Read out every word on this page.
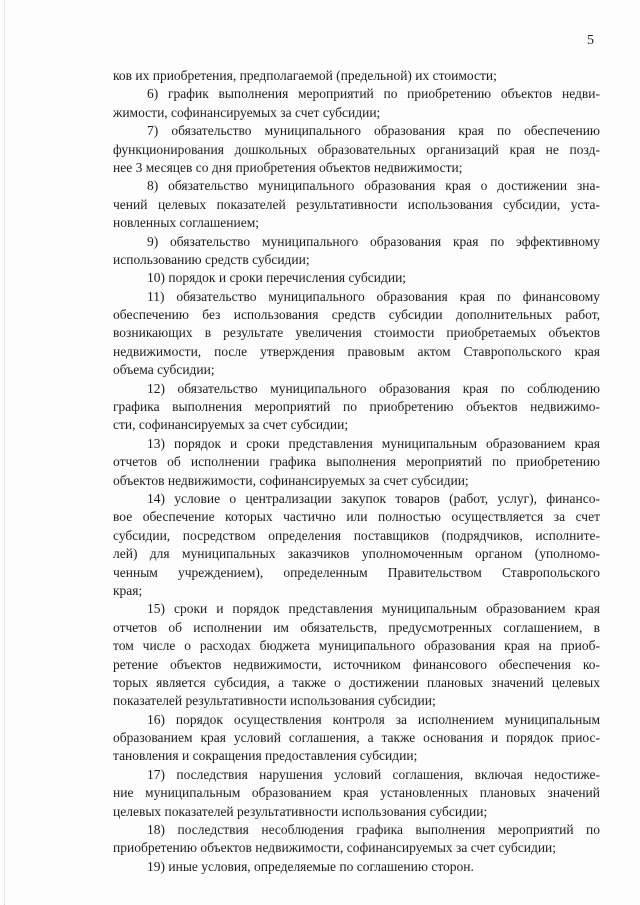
5
ков их приобретения, предполагаемой (предельной) их стоимости;
6) график выполнения мероприятий по приобретению объектов недви-
жимости, софинансируемых за счет субсидии;
7) обязательство муниципального образования края по обеспечению
функционирования дошкольных образовательных организаций края не позд-
нее 3 месяцев со дня приобретения объектов недвижимости;
8) обязательство муниципального образования края о достижении зна-
чений целевых показателей результативности использования субсидии, уста-
новленных соглашением;
9) обязательство муниципального образования края по эффективному
использованию средств субсидии;
10) порядок и сроки перечисления субсидии;
11) обязательство муниципального образования края по финансовому
обеспечению без использования средств субсидии дополнительных работ,
возникающих в результате увеличения стоимости приобретаемых объектов
недвижимости, после утверждения правовым актом Ставропольского края
объема субсидии;
12) обязательство муниципального образования края по соблюдению
графика выполнения мероприятий по приобретению объектов недвижимо-
сти, софинансируемых за счет субсидии;
13) порядок и сроки представления муниципальным образованием края
отчетов об исполнении графика выполнения мероприятий по приобретению
объектов недвижимости, софинансируемых за счет субсидии;
14) условие о централизации закупок товаров (работ, услуг), финансо-
вое обеспечение которых частично или полностью осуществляется за счет
субсидии, посредством определения поставщиков (подрядчиков, исполните-
лей) для муниципальных заказчиков уполномоченным органом (уполномо-
ченным учреждением), определенным Правительством Ставропольского
края;
15) сроки и порядок представления муниципальным образованием края
отчетов об исполнении им обязательств, предусмотренных соглашением, в
том числе о расходах бюджета муниципального образования края на приоб-
ретение объектов недвижимости, источником финансового обеспечения ко-
торых является субсидия, а также о достижении плановых значений целевых
показателей результативности использования субсидии;
16) порядок осуществления контроля за исполнением муниципальным
образованием края условий соглашения, а также основания и порядок приос-
тановления и сокращения предоставления субсидии;
17) последствия нарушения условий соглашения, включая недостиже-
ние муниципальным образованием края установленных плановых значений
целевых показателей результативности использования субсидии;
18) последствия несоблюдения графика выполнения мероприятий по
приобретению объектов недвижимости, софинансируемых за счет субсидии;
19) иные условия, определяемые по соглашению сторон.
